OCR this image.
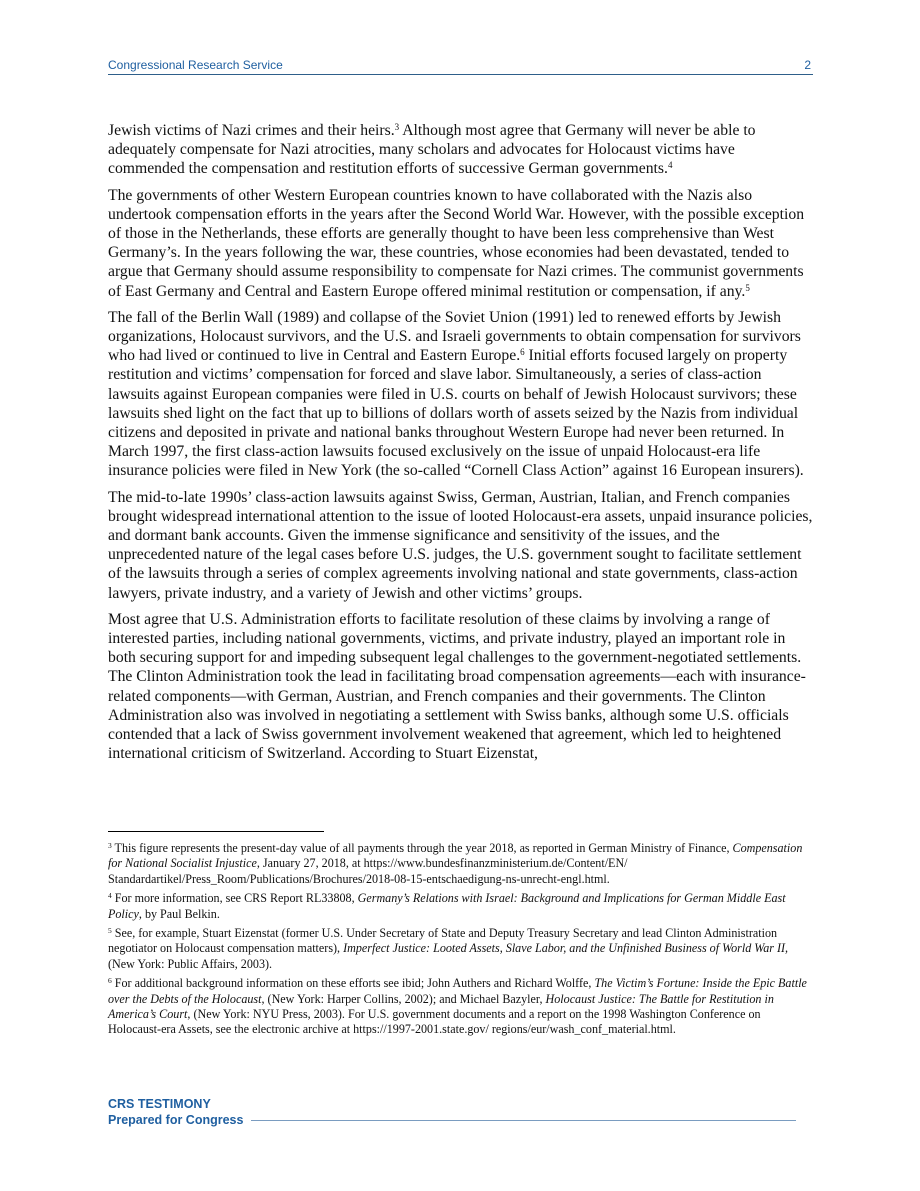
Congressional Research Service	2

Jewish victims of Nazi crimes and their heirs.$^3$ Although most agree that Germany will never be able to adequately compensate for Nazi atrocities, many scholars and advocates for Holocaust victims have commended the compensation and restitution efforts of successive German governments.$^4$

The governments of other Western European countries known to have collaborated with the Nazis also undertook compensation efforts in the years after the Second World War. However, with the possible exception of those in the Netherlands, these efforts are generally thought to have been less comprehensive than West Germany’s. In the years following the war, these countries, whose economies had been devastated, tended to argue that Germany should assume responsibility to compensate for Nazi crimes. The communist governments of East Germany and Central and Eastern Europe offered minimal restitution or compensation, if any.$^5$

The fall of the Berlin Wall (1989) and collapse of the Soviet Union (1991) led to renewed efforts by Jewish organizations, Holocaust survivors, and the U.S. and Israeli governments to obtain compensation for survivors who had lived or continued to live in Central and Eastern Europe.$^6$ Initial efforts focused largely on property restitution and victims’ compensation for forced and slave labor. Simultaneously, a series of class-action lawsuits against European companies were filed in U.S. courts on behalf of Jewish Holocaust survivors; these lawsuits shed light on the fact that up to billions of dollars worth of assets seized by the Nazis from individual citizens and deposited in private and national banks throughout Western Europe had never been returned. In March 1997, the first class-action lawsuits focused exclusively on the issue of unpaid Holocaust-era life insurance policies were filed in New York (the so-called “Cornell Class Action” against 16 European insurers).

The mid-to-late 1990s’ class-action lawsuits against Swiss, German, Austrian, Italian, and French companies brought widespread international attention to the issue of looted Holocaust-era assets, unpaid insurance policies, and dormant bank accounts. Given the immense significance and sensitivity of the issues, and the unprecedented nature of the legal cases before U.S. judges, the U.S. government sought to facilitate settlement of the lawsuits through a series of complex agreements involving national and state governments, class-action lawyers, private industry, and a variety of Jewish and other victims’ groups.

Most agree that U.S. Administration efforts to facilitate resolution of these claims by involving a range of interested parties, including national governments, victims, and private industry, played an important role in both securing support for and impeding subsequent legal challenges to the government-negotiated settlements. The Clinton Administration took the lead in facilitating broad compensation agreements—each with insurance-related components—with German, Austrian, and French companies and their governments. The Clinton Administration also was involved in negotiating a settlement with Swiss banks, although some U.S. officials contended that a lack of Swiss government involvement weakened that agreement, which led to heightened international criticism of Switzerland. According to Stuart Eizenstat,

$^3$ This figure represents the present-day value of all payments through the year 2018, as reported in German Ministry of Finance, Compensation for National Socialist Injustice, January 27, 2018, at https://www.bundesfinanzministerium.de/Content/EN/ Standardartikel/Press_Room/Publications/Brochures/2018-08-15-entschaedigung-ns-unrecht-engl.html.

$^4$ For more information, see CRS Report RL33808, Germany’s Relations with Israel: Background and Implications for German Middle East Policy, by Paul Belkin.

$^5$ See, for example, Stuart Eizenstat (former U.S. Under Secretary of State and Deputy Treasury Secretary and lead Clinton Administration negotiator on Holocaust compensation matters), Imperfect Justice: Looted Assets, Slave Labor, and the Unfinished Business of World War II, (New York: Public Affairs, 2003).

$^6$ For additional background information on these efforts see ibid; John Authers and Richard Wolffe, The Victim’s Fortune: Inside the Epic Battle over the Debts of the Holocaust, (New York: Harper Collins, 2002); and Michael Bazyler, Holocaust Justice: The Battle for Restitution in America’s Court, (New York: NYU Press, 2003). For U.S. government documents and a report on the 1998 Washington Conference on Holocaust-era Assets, see the electronic archive at https://1997-2001.state.gov/ regions/eur/wash_conf_material.html.

CRS TESTIMONY
Prepared for Congress
